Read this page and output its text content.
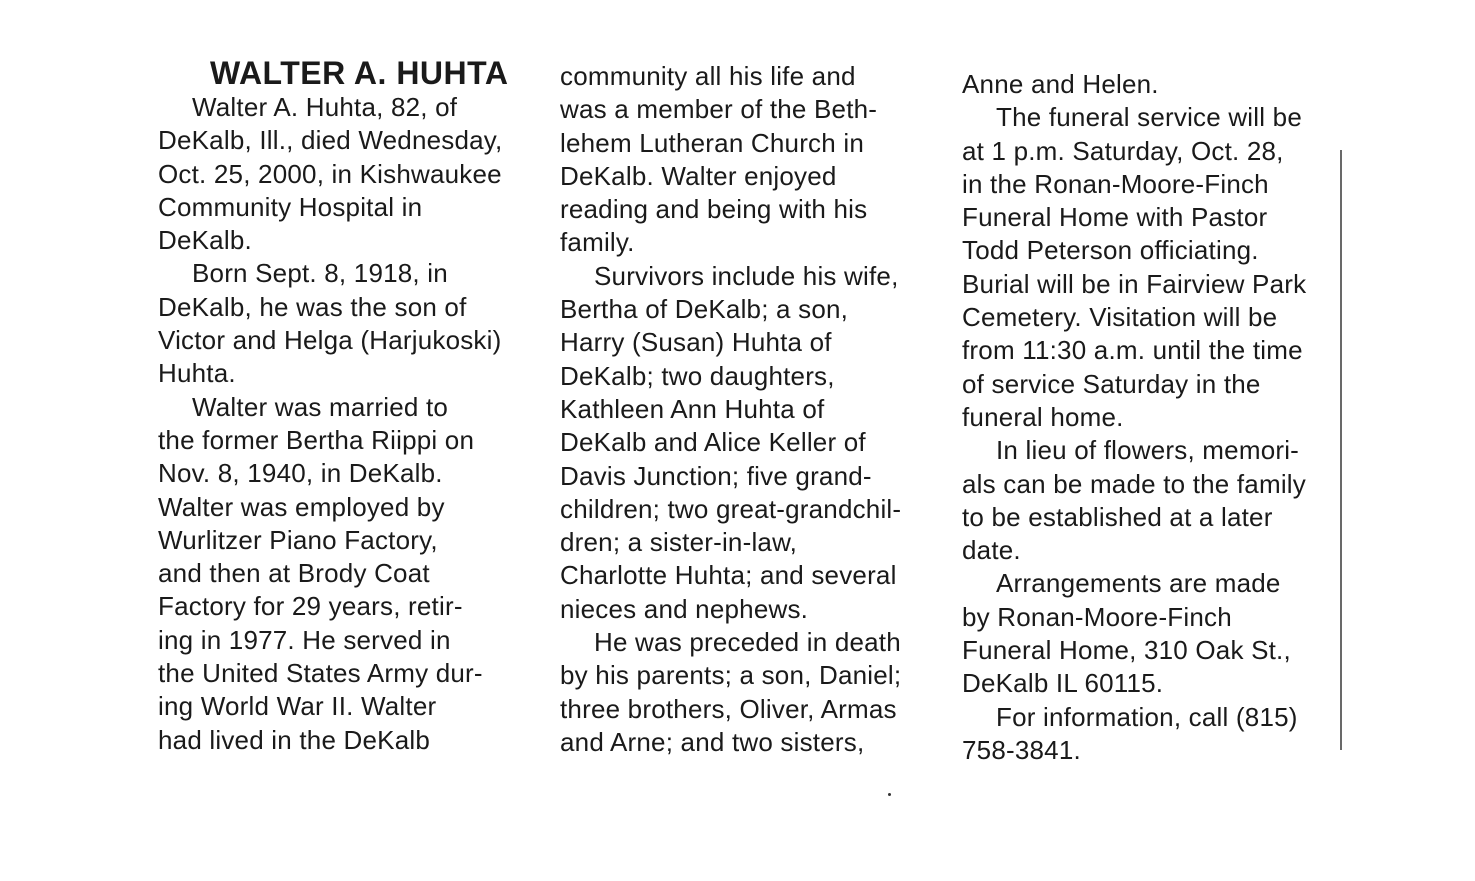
WALTER A. HUHTA
Walter A. Huhta, 82, of
DeKalb, Ill., died Wednesday,
Oct. 25, 2000, in Kishwaukee
Community Hospital in
DeKalb.
Born Sept. 8, 1918, in
DeKalb, he was the son of
Victor and Helga (Harjukoski)
Huhta.
Walter was married to
the former Bertha Riippi on
Nov. 8, 1940, in DeKalb.
Walter was employed by
Wurlitzer Piano Factory,
and then at Brody Coat
Factory for 29 years, retir-
ing in 1977. He served in
the United States Army dur-
ing World War II. Walter
had lived in the DeKalb
community all his life and
was a member of the Beth-
lehem Lutheran Church in
DeKalb. Walter enjoyed
reading and being with his
family.
Survivors include his wife,
Bertha of DeKalb; a son,
Harry (Susan) Huhta of
DeKalb; two daughters,
Kathleen Ann Huhta of
DeKalb and Alice Keller of
Davis Junction; five grand-
children; two great-grandchil-
dren; a sister-in-law,
Charlotte Huhta; and several
nieces and nephews.
He was preceded in death
by his parents; a son, Daniel;
three brothers, Oliver, Armas
and Arne; and two sisters,
Anne and Helen.
The funeral service will be
at 1 p.m. Saturday, Oct. 28,
in the Ronan-Moore-Finch
Funeral Home with Pastor
Todd Peterson officiating.
Burial will be in Fairview Park
Cemetery. Visitation will be
from 11:30 a.m. until the time
of service Saturday in the
funeral home.
In lieu of flowers, memori-
als can be made to the family
to be established at a later
date.
Arrangements are made
by Ronan-Moore-Finch
Funeral Home, 310 Oak St.,
DeKalb IL 60115.
For information, call (815)
758-3841.
